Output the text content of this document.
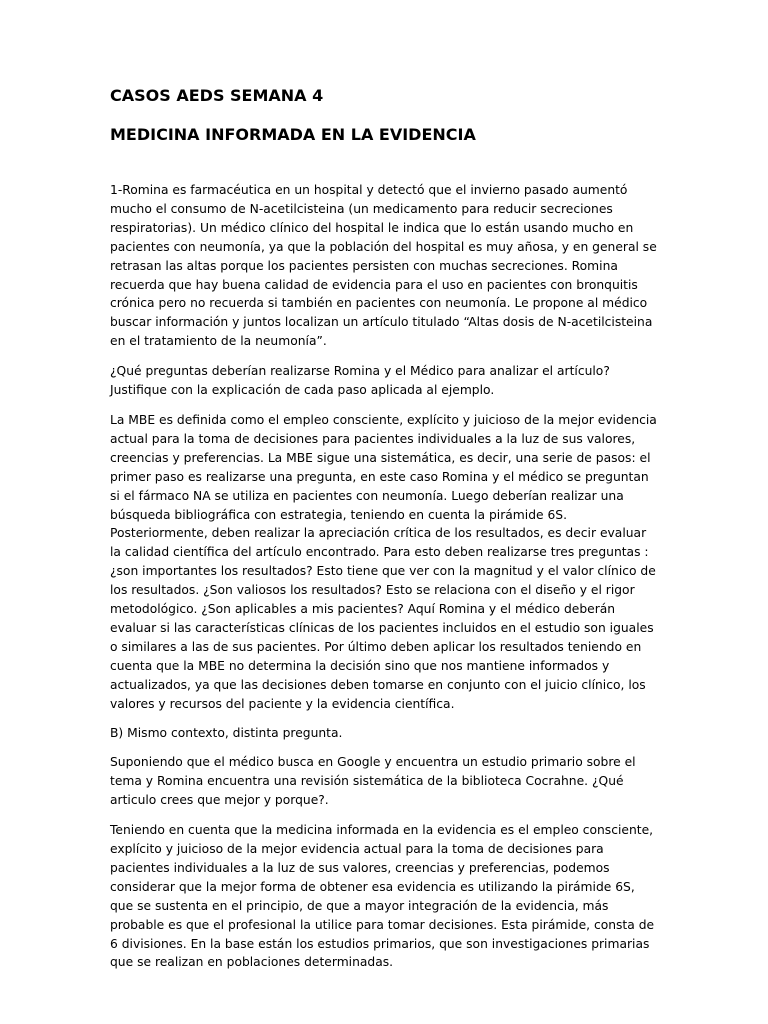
CASOS AEDS SEMANA 4
MEDICINA INFORMADA EN LA EVIDENCIA

1-Romina es farmacéutica en un hospital y detectó que el invierno pasado aumentó mucho el consumo de N-acetilcisteina (un medicamento para reducir secreciones respiratorias). Un médico clínico del hospital le indica que lo están usando mucho en pacientes con neumonía, ya que la población del hospital es muy añosa, y en general se retrasan las altas porque los pacientes persisten con muchas secreciones. Romina recuerda que hay buena calidad de evidencia para el uso en pacientes con bronquitis crónica pero no recuerda si también en pacientes con neumonía. Le propone al médico buscar información y juntos localizan un artículo titulado “Altas dosis de N-acetilcisteina en el tratamiento de la neumonía”.

¿Qué preguntas deberían realizarse Romina y el Médico para analizar el artículo? Justifique con la explicación de cada paso aplicada al ejemplo.

La MBE es definida como el empleo consciente, explícito y juicioso de la mejor evidencia actual para la toma de decisiones para pacientes individuales a la luz de sus valores, creencias y preferencias. La MBE sigue una sistemática, es decir, una serie de pasos: el primer paso es realizarse una pregunta, en este caso Romina y el médico se preguntan si el fármaco NA se utiliza en pacientes con neumonía. Luego deberían realizar una búsqueda bibliográfica con estrategia, teniendo en cuenta la pirámide 6S. Posteriormente, deben realizar la apreciación crítica de los resultados, es decir evaluar la calidad científica del artículo encontrado. Para esto deben realizarse tres preguntas : ¿son importantes los resultados? Esto tiene que ver con la magnitud y el valor clínico de los resultados. ¿Son valiosos los resultados? Esto se relaciona con el diseño y el rigor metodológico. ¿Son aplicables a mis pacientes? Aquí Romina y el médico deberán evaluar si las características clínicas de los pacientes incluidos en el estudio son iguales o similares a las de sus pacientes. Por último deben aplicar los resultados teniendo en cuenta que la MBE no determina la decisión sino que nos mantiene informados y actualizados, ya que las decisiones deben tomarse en conjunto con el juicio clínico, los valores y recursos del paciente y la evidencia científica.

B) Mismo contexto, distinta pregunta.

Suponiendo que el médico busca en Google y encuentra un estudio primario sobre el tema y Romina encuentra una revisión sistemática de la biblioteca Cocrahne. ¿Qué articulo crees que mejor y porque?.

Teniendo en cuenta que la medicina informada en la evidencia es el empleo consciente, explícito y juicioso de la mejor evidencia actual para la toma de decisiones para pacientes individuales a la luz de sus valores, creencias y preferencias, podemos considerar que la mejor forma de obtener esa evidencia es utilizando la pirámide 6S, que se sustenta en el principio, de que a mayor integración de la evidencia, más probable es que el profesional la utilice para tomar decisiones. Esta pirámide, consta de 6 divisiones. En la base están los estudios primarios, que son investigaciones primarias que se realizan en poblaciones determinadas.
